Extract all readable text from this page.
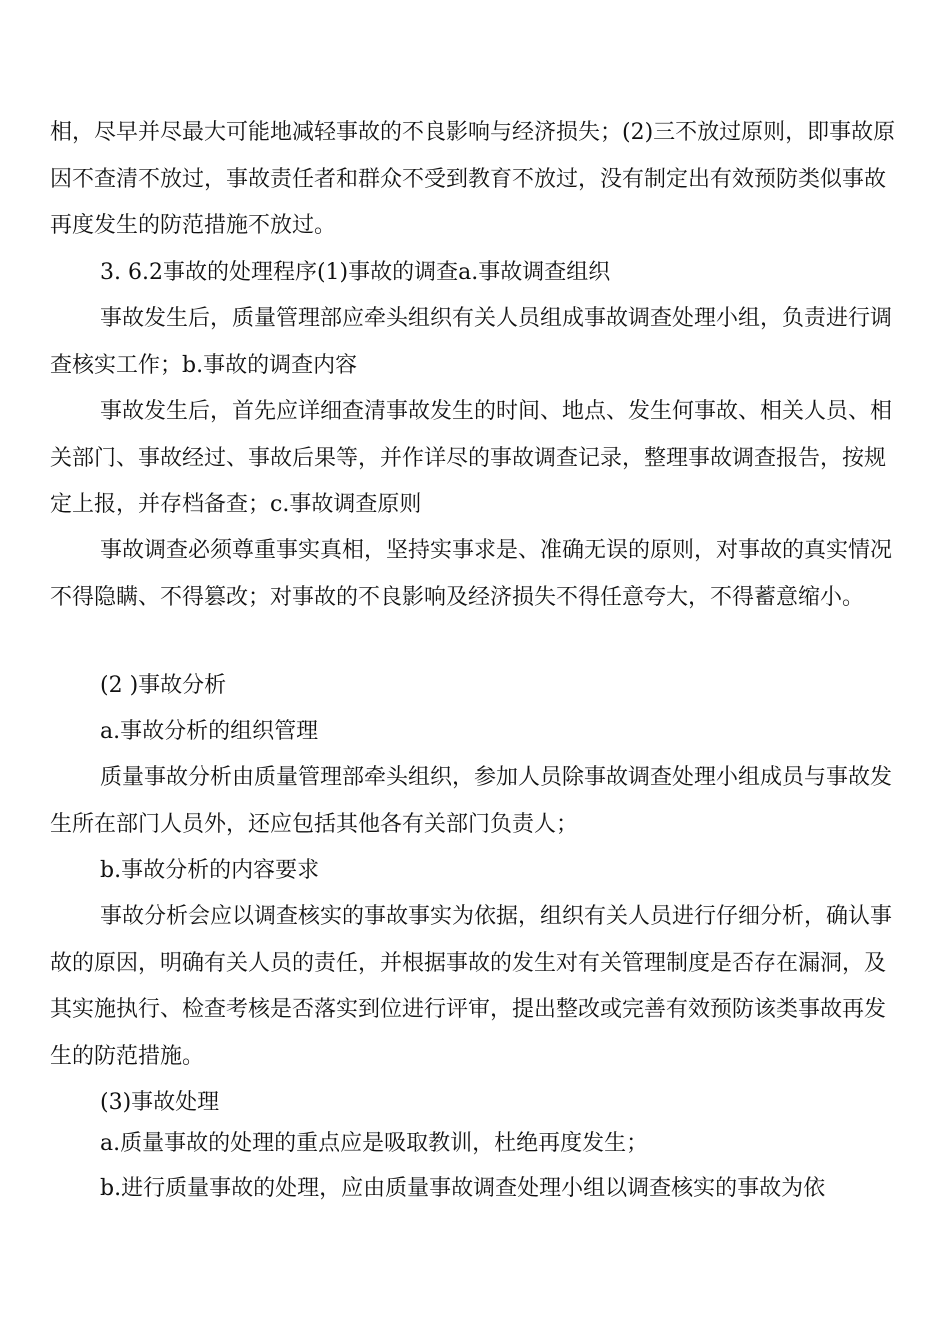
相，尽早并尽最大可能地减轻事故的不良影响与经济损失；(2)三不放过原则，即事故原因不查清不放过，事故责任者和群众不受到教育不放过，没有制定出有效预防类似事故再度发生的防范措施不放过。

3. 6.2事故的处理程序(1)事故的调查a.事故调查组织

事故发生后，质量管理部应牵头组织有关人员组成事故调查处理小组，负责进行调查核实工作；b.事故的调查内容

事故发生后，首先应详细查清事故发生的时间、地点、发生何事故、相关人员、相关部门、事故经过、事故后果等，并作详尽的事故调查记录，整理事故调查报告，按规定上报，并存档备查；c.事故调查原则

事故调查必须尊重事实真相，坚持实事求是、准确无误的原则，对事故的真实情况不得隐瞒、不得篡改；对事故的不良影响及经济损失不得任意夸大，不得蓄意缩小。

(2 )事故分析

a.事故分析的组织管理

质量事故分析由质量管理部牵头组织，参加人员除事故调查处理小组成员与事故发生所在部门人员外，还应包括其他各有关部门负责人；

b.事故分析的内容要求

事故分析会应以调查核实的事故事实为依据，组织有关人员进行仔细分析，确认事故的原因，明确有关人员的责任，并根据事故的发生对有关管理制度是否存在漏洞，及其实施执行、检查考核是否落实到位进行评审，提出整改或完善有效预防该类事故再发生的防范措施。

(3)事故处理

a.质量事故的处理的重点应是吸取教训，杜绝再度发生；

b.进行质量事故的处理，应由质量事故调查处理小组以调查核实的事故为依
